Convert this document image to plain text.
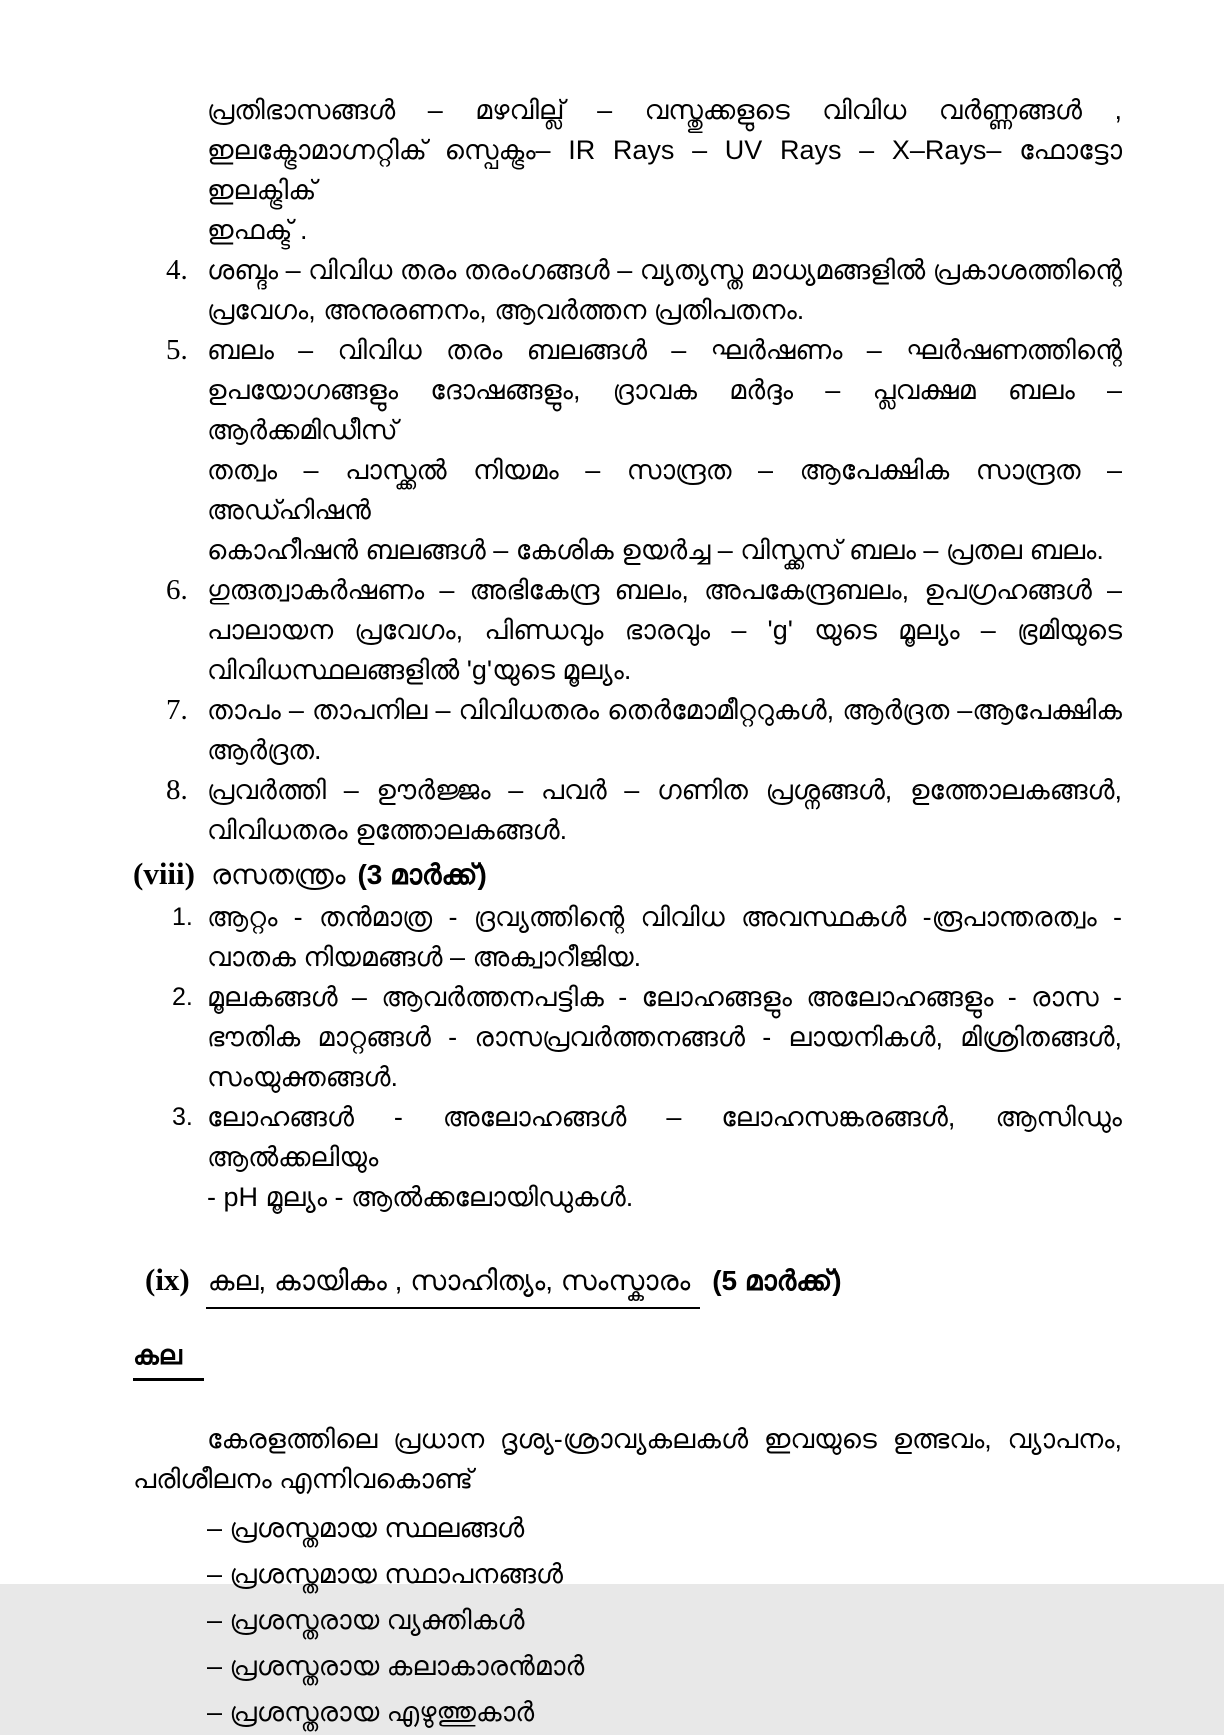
പ്രതിഭാസങ്ങൾ – മഴവില്ല് – വസ്തുക്കളുടെ വിവിധ വർണ്ണങ്ങൾ ,
ഇലക്ട്രോമാഗ്നറ്റിക് സ്പെക്ട്രം– IR Rays – UV Rays – X–Rays– ഫോട്ടോ ഇലക്ട്രിക്
ഇഫക്ട് .
4. ശബ്ദം – വിവിധ തരം തരംഗങ്ങൾ – വ്യത്യസ്ത മാധ്യമങ്ങളിൽ പ്രകാശത്തിന്റെ
പ്രവേഗം, അനുരണനം, ആവർത്തന പ്രതിപതനം.
5. ബലം – വിവിധ തരം ബലങ്ങൾ – ഘർഷണം – ഘർഷണത്തിന്റെ
ഉപയോഗങ്ങളും ദോഷങ്ങളും, ദ്രാവക മർദ്ദം – പ്ലവക്ഷമ ബലം – ആർക്കമിഡീസ്
തത്വം – പാസ്ക്കൽ നിയമം – സാന്ദ്രത – ആപേക്ഷിക സാന്ദ്രത – അഡ്ഹിഷൻ
കൊഹീഷൻ ബലങ്ങൾ – കേശിക ഉയർച്ച – വിസ്ക്കസ് ബലം – പ്രതല ബലം.
6. ഗുരുത്വാകർഷണം – അഭികേന്ദ്ര ബലം, അപകേന്ദ്രബലം, ഉപഗ്രഹങ്ങൾ –
പാലായന പ്രവേഗം, പിണ്ഡവും ഭാരവും – 'g' യുടെ മൂല്യം – ഭ്രമിയുടെ
വിവിധസ്ഥലങ്ങളിൽ 'g'യുടെ മൂല്യം.
7. താപം – താപനില – വിവിധതരം തെർമോമീറ്ററുകൾ, ആർദ്രത –ആപേക്ഷിക
ആർദ്രത.
8. പ്രവർത്തി – ഊർജ്ജം – പവർ – ഗണിത പ്രശ്നങ്ങൾ, ഉത്തോലകങ്ങൾ,
വിവിധതരം ഉത്തോലകങ്ങൾ.
(viii) രസതന്ത്രം (3 മാർക്ക്)
1. ആറ്റം - തൻമാത്ര - ദ്രവ്യത്തിന്റെ വിവിധ അവസ്ഥകൾ -രൂപാന്തരത്വം -
വാതക നിയമങ്ങൾ – അക്വാറീജിയ.
2. മൂലകങ്ങൾ – ആവർത്തനപട്ടിക - ലോഹങ്ങളും അലോഹങ്ങളും - രാസ -
ഭൗതിക മാറ്റങ്ങൾ - രാസപ്രവർത്തനങ്ങൾ - ലായനികൾ, മിശ്രിതങ്ങൾ,
സംയുക്തങ്ങൾ.
3. ലോഹങ്ങൾ - അലോഹങ്ങൾ – ലോഹസങ്കരങ്ങൾ, ആസിഡും ആൽക്കലിയും
- pH മൂല്യം - ആൽക്കലോയിഡുകൾ.
(ix) കല, കായികം , സാഹിത്യം, സംസ്കാരം (5 മാർക്ക്)
കല
കേരളത്തിലെ പ്രധാന ദൃശ്യ-ശ്രാവ്യകലകൾ ഇവയുടെ ഉത്ഭവം, വ്യാപനം,
പരിശീലനം എന്നിവകൊണ്ട്
– പ്രശസ്തമായ സ്ഥലങ്ങൾ
– പ്രശസ്തമായ സ്ഥാപനങ്ങൾ
– പ്രശസ്തരായ വ്യക്തികൾ
– പ്രശസ്തരായ കലാകാരൻമാർ
– പ്രശസ്തരായ എഴുത്തുകാർ
